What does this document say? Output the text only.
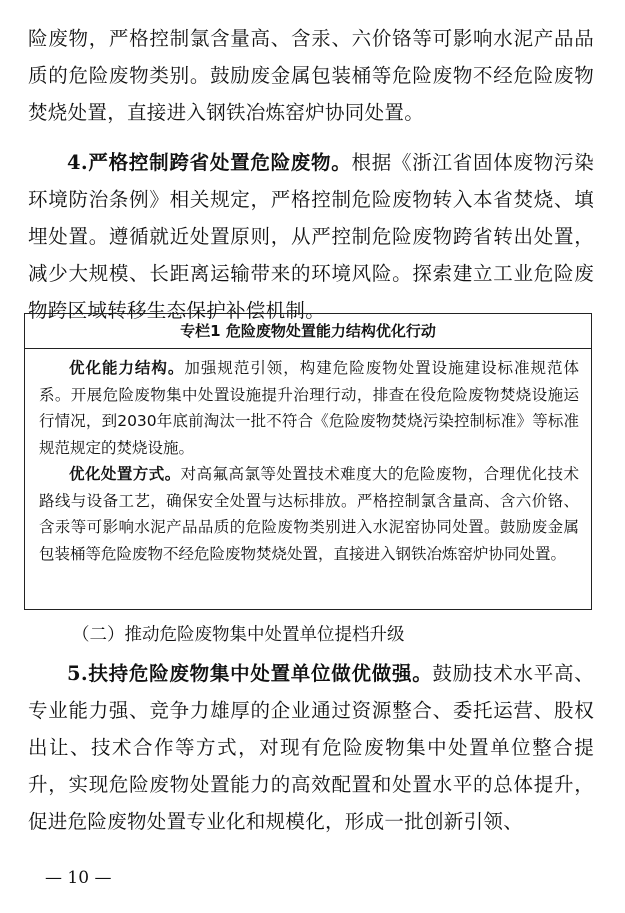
险废物，严格控制氯含量高、含汞、六价铬等可影响水泥产品品质的危险废物类别。鼓励废金属包装桶等危险废物不经危险废物焚烧处置，直接进入钢铁冶炼窑炉协同处置。

4.严格控制跨省处置危险废物。根据《浙江省固体废物污染环境防治条例》相关规定，严格控制危险废物转入本省焚烧、填埋处置。遵循就近处置原则，从严控制危险废物跨省转出处置，减少大规模、长距离运输带来的环境风险。探索建立工业危险废物跨区域转移生态保护补偿机制。

专栏1 危险废物处置能力结构优化行动

优化能力结构。加强规范引领，构建危险废物处置设施建设标准规范体系。开展危险废物集中处置设施提升治理行动，排查在役危险废物焚烧设施运行情况，到2030年底前淘汰一批不符合《危险废物焚烧污染控制标准》等标准规范规定的焚烧设施。

优化处置方式。对高氟高氯等处置技术难度大的危险废物，合理优化技术路线与设备工艺，确保安全处置与达标排放。严格控制氯含量高、含六价铬、含汞等可影响水泥产品品质的危险废物类别进入水泥窑协同处置。鼓励废金属包装桶等危险废物不经危险废物焚烧处置，直接进入钢铁冶炼窑炉协同处置。

（二）推动危险废物集中处置单位提档升级

5.扶持危险废物集中处置单位做优做强。鼓励技术水平高、专业能力强、竞争力雄厚的企业通过资源整合、委托运营、股权出让、技术合作等方式，对现有危险废物集中处置单位整合提升，实现危险废物处置能力的高效配置和处置水平的总体提升，促进危险废物处置专业化和规模化，形成一批创新引领、

— 10 —
